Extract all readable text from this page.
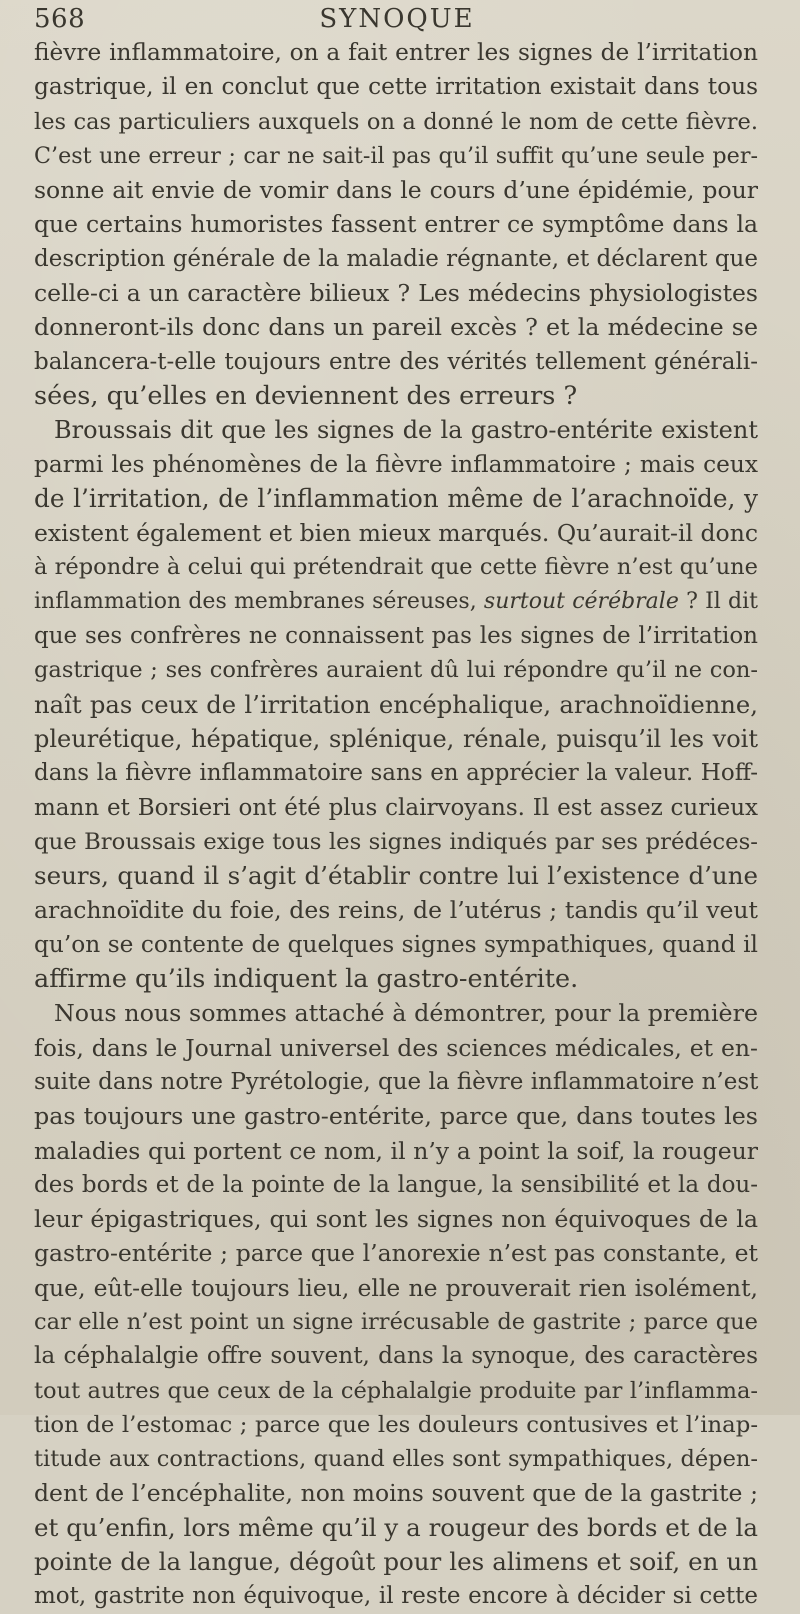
568	SYNOQUE
fièvre inflammatoire, on a fait entrer les signes de l’irritation
gastrique, il en conclut que cette irritation existait dans tous
les cas particuliers auxquels on a donné le nom de cette fièvre.
C’est une erreur ; car ne sait-il pas qu’il suffit qu’une seule per-
sonne ait envie de vomir dans le cours d’une épidémie, pour
que certains humoristes fassent entrer ce symptôme dans la
description générale de la maladie régnante, et déclarent que
celle-ci a un caractère bilieux ? Les médecins physiologistes
donneront-ils donc dans un pareil excès ? et la médecine se
balancera-t-elle toujours entre des vérités tellement générali-
sées, qu’elles en deviennent des erreurs ?
Broussais dit que les signes de la gastro-entérite existent
parmi les phénomènes de la fièvre inflammatoire ; mais ceux
de l’irritation, de l’inflammation même de l’arachnoïde, y
existent également et bien mieux marqués. Qu’aurait-il donc
à répondre à celui qui prétendrait que cette fièvre n’est qu’une
inflammation des membranes séreuses, surtout cérébrale ? Il dit
que ses confrères ne connaissent pas les signes de l’irritation
gastrique ; ses confrères auraient dû lui répondre qu’il ne con-
naît pas ceux de l’irritation encéphalique, arachnoïdienne,
pleurétique, hépatique, splénique, rénale, puisqu’il les voit
dans la fièvre inflammatoire sans en apprécier la valeur. Hoff-
mann et Borsieri ont été plus clairvoyans. Il est assez curieux
que Broussais exige tous les signes indiqués par ses prédéces-
seurs, quand il s’agit d’établir contre lui l’existence d’une
arachnoïdite du foie, des reins, de l’utérus ; tandis qu’il veut
qu’on se contente de quelques signes sympathiques, quand il
affirme qu’ils indiquent la gastro-entérite.
Nous nous sommes attaché à démontrer, pour la première
fois, dans le Journal universel des sciences médicales, et en-
suite dans notre Pyrétologie, que la fièvre inflammatoire n’est
pas toujours une gastro-entérite, parce que, dans toutes les
maladies qui portent ce nom, il n’y a point la soif, la rougeur
des bords et de la pointe de la langue, la sensibilité et la dou-
leur épigastriques, qui sont les signes non équivoques de la
gastro-entérite ; parce que l’anorexie n’est pas constante, et
que, eût-elle toujours lieu, elle ne prouverait rien isolément,
car elle n’est point un signe irrécusable de gastrite ; parce que
la céphalalgie offre souvent, dans la synoque, des caractères
tout autres que ceux de la céphalalgie produite par l’inflamma-
tion de l’estomac ; parce que les douleurs contusives et l’inap-
titude aux contractions, quand elles sont sympathiques, dépen-
dent de l’encéphalite, non moins souvent que de la gastrite ;
et qu’enfin, lors même qu’il y a rougeur des bords et de la
pointe de la langue, dégoût pour les alimens et soif, en un
mot, gastrite non équivoque, il reste encore à décider si cette
